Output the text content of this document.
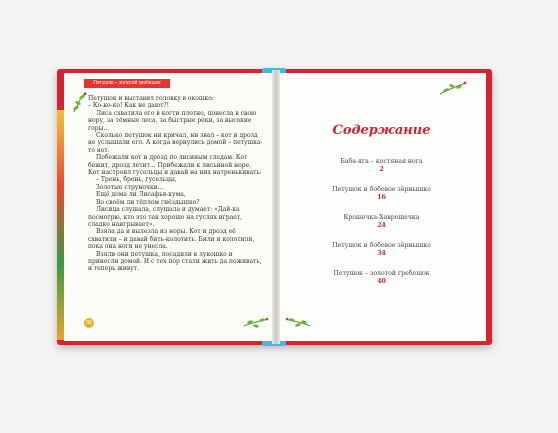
Петушок – золотой гребешок

Петушок и выставил головку в окошко:

– Ко-ко-ко! Как не дают?!

Лиса схватила его в когти плотно, понесла в свою нору, за тёмные леса, за быстрые реки, за высокие горы...

Сколько петушок ни кричал, ни звал – кот и дрозд не услышали его. А когда вернулись домой – петушка-то нет.

Побежали кот и дрозд по лисиным следам. Кот бежит, дрозд летит... Прибежали к лисьиной норе. Кот настроил гусельцы и давай на них натренькивать:

– Трень, брень, гусельцы,

Золотые струночки...

Ещё дома ли Лисафья-кума,

Во своём ли тёплом гнёздышке?

Лисица слушала, слушала и думает: «Дай-ка посмотрю, кто это так хорошо на гуслях играет, сладко наигрывает».

Взяла да и вылезла из норы. Кот и дрозд её схватили – и давай бить-колотить. Били и колотили, пока она ноги не унесла.

Взяли они петушка, посадили в лукошко и принесли домой. И с тех пор стали жить да поживать, и теперь живут.

86
Содержание
Баба-яга – костяная нога
2
Петушок и бобовое зёрнышко
16
Крошечка-Хаврошечка
24
Петушок и бобовое зёрнышко
34
Петушок – золотой гребешок
40
